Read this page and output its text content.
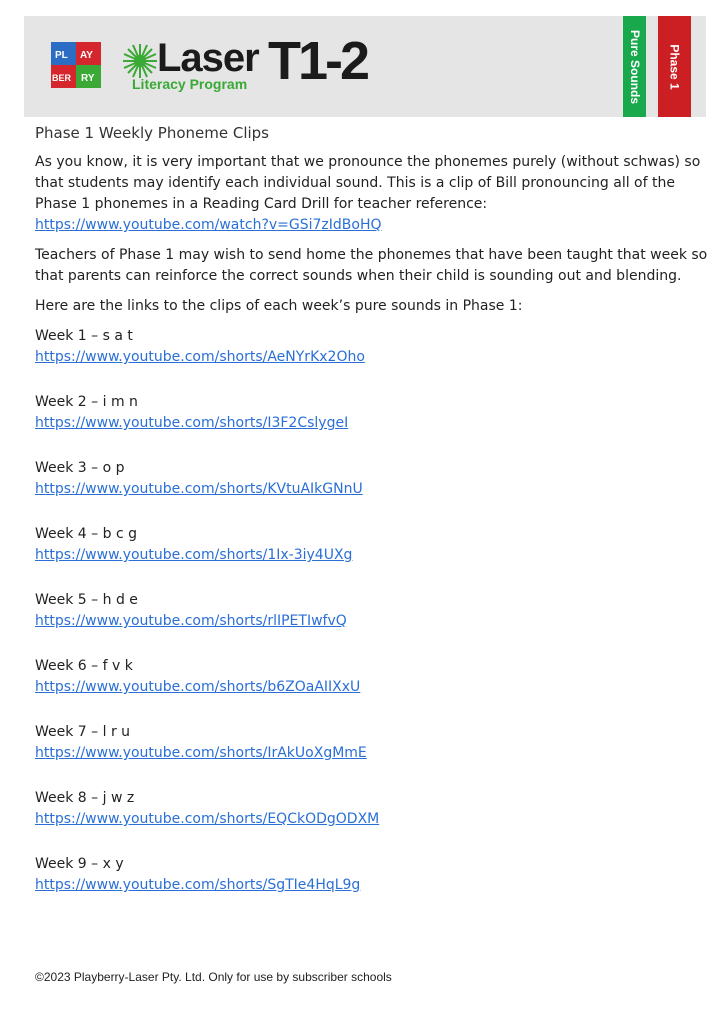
PL AY
BER RY Laser T1-2
Literacy Program	Pure Sounds Phase 1
Phase 1 Weekly Phoneme Clips

As you know, it is very important that we pronounce the phonemes purely (without schwas) so that students may identify each individual sound. This is a clip of Bill pronouncing all of the Phase 1 phonemes in a Reading Card Drill for teacher reference:
https://www.youtube.com/watch?v=GSi7zIdBoHQ

Teachers of Phase 1 may wish to send home the phonemes that have been taught that week so that parents can reinforce the correct sounds when their child is sounding out and blending.

Here are the links to the clips of each week’s pure sounds in Phase 1:

Week 1 – s a t
https://www.youtube.com/shorts/AeNYrKx2Oho
Week 2 – i m n
https://www.youtube.com/shorts/I3F2CslygeI
Week 3 – o p
https://www.youtube.com/shorts/KVtuAIkGNnU
Week 4 – b c g
https://www.youtube.com/shorts/1Ix-3iy4UXg
Week 5 – h d e
https://www.youtube.com/shorts/rlIPETIwfvQ
Week 6 – f v k
https://www.youtube.com/shorts/b6ZOaAIIXxU
Week 7 – l r u
https://www.youtube.com/shorts/IrAkUoXgMmE
Week 8 – j w z
https://www.youtube.com/shorts/EQCkODgODXM
Week 9 – x y
https://www.youtube.com/shorts/SgTIe4HqL9g
©2023 Playberry-Laser Pty. Ltd. Only for use by subscriber schools
